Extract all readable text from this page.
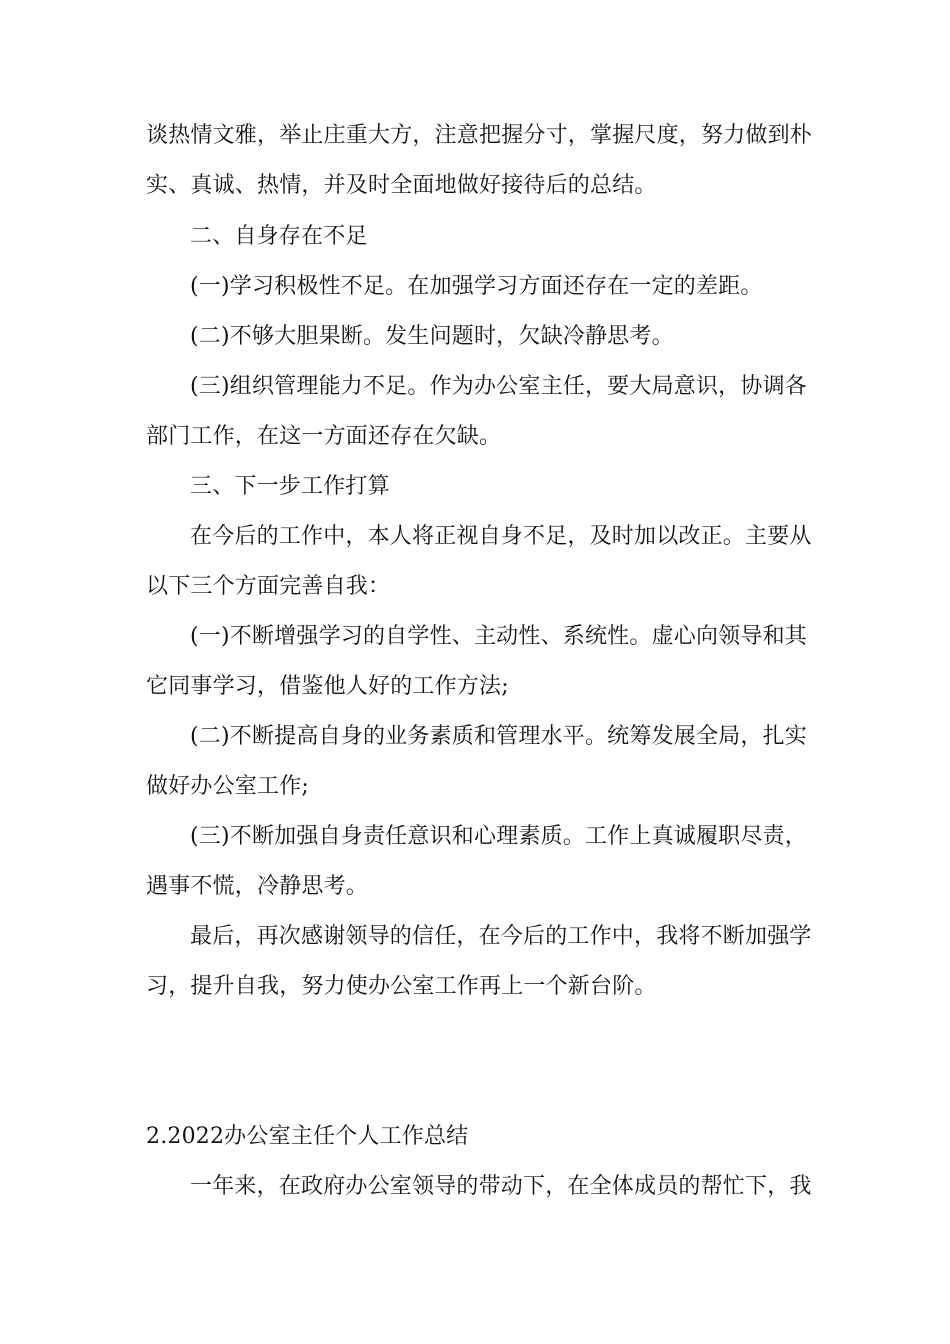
谈热情文雅，举止庄重大方，注意把握分寸，掌握尺度，努力做到朴
实、真诚、热情，并及时全面地做好接待后的总结。
二、自身存在不足
(一)学习积极性不足。在加强学习方面还存在一定的差距。
(二)不够大胆果断。发生问题时，欠缺冷静思考。
(三)组织管理能力不足。作为办公室主任，要大局意识，协调各
部门工作，在这一方面还存在欠缺。
三、下一步工作打算
在今后的工作中，本人将正视自身不足，及时加以改正。主要从
以下三个方面完善自我：
(一)不断增强学习的自学性、主动性、系统性。虚心向领导和其
它同事学习，借鉴他人好的工作方法;
(二)不断提高自身的业务素质和管理水平。统筹发展全局，扎实
做好办公室工作;
(三)不断加强自身责任意识和心理素质。工作上真诚履职尽责，
遇事不慌，冷静思考。
最后，再次感谢领导的信任，在今后的工作中，我将不断加强学
习，提升自我，努力使办公室工作再上一个新台阶。
2.2022办公室主任个人工作总结
一年来，在政府办公室领导的带动下，在全体成员的帮忙下，我
